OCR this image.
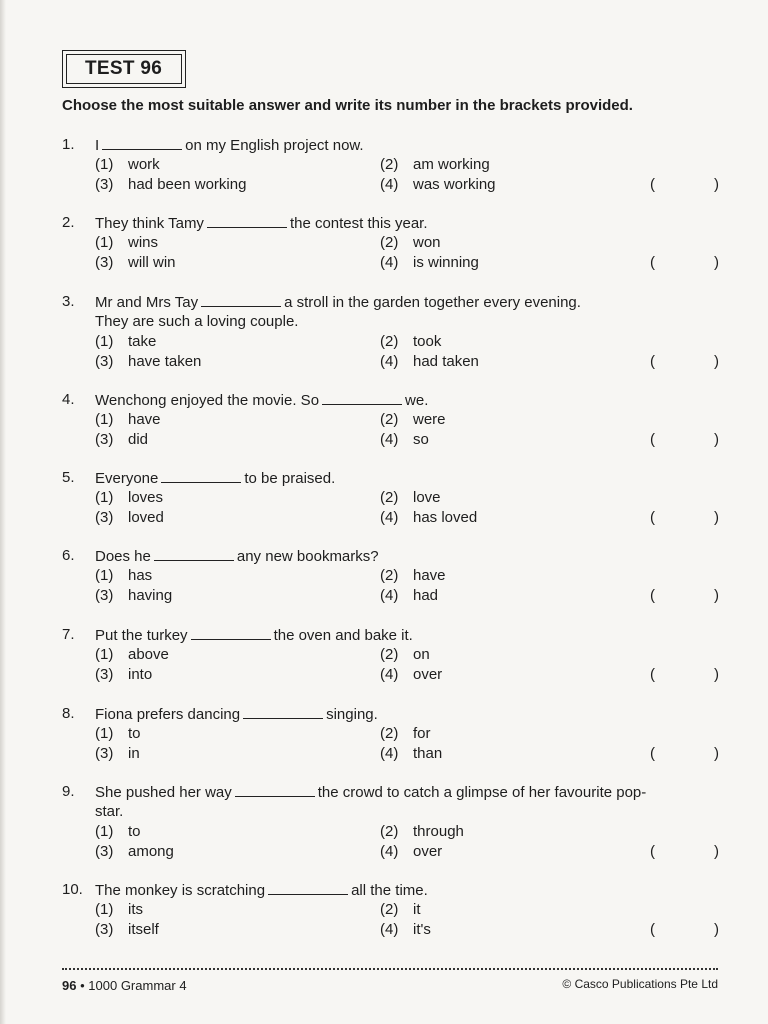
TEST 96
Choose the most suitable answer and write its number in the brackets provided.
1. I	on my English project now.
(1) work	(2) am working
(3) had been working	(4) was working	(	)
2. They think Tamy	the contest this year.
(1) wins	(2) won
(3) will win	(4) is winning	(	)
3. Mr and Mrs Tay	a stroll in the garden together every evening.
They are such a loving couple.
(1) take	(2) took
(3) have taken	(4) had taken	(	)
4. Wenchong enjoyed the movie. So	we.
(1) have	(2) were
(3) did	(4) so	(	)
5. Everyone	to be praised.
(1) loves	(2) love
(3) loved	(4) has loved	(	)
6. Does he	any new bookmarks?
(1) has	(2) have
(3) having	(4) had	(	)
7. Put the turkey	the oven and bake it.
(1) above	(2) on
(3) into	(4) over	(	)
8. Fiona prefers dancing	singing.
(1) to	(2) for
(3) in	(4) than	(	)
9. She pushed her way	the crowd to catch a glimpse of her favourite pop-
star.
(1) to	(2) through
(3) among	(4) over	(	)
10. The monkey is scratching	all the time.
(1) its	(2) it
(3) itself	(4) it's	(	)
96 • 1000 Grammar 4	© Casco Publications Pte Ltd
